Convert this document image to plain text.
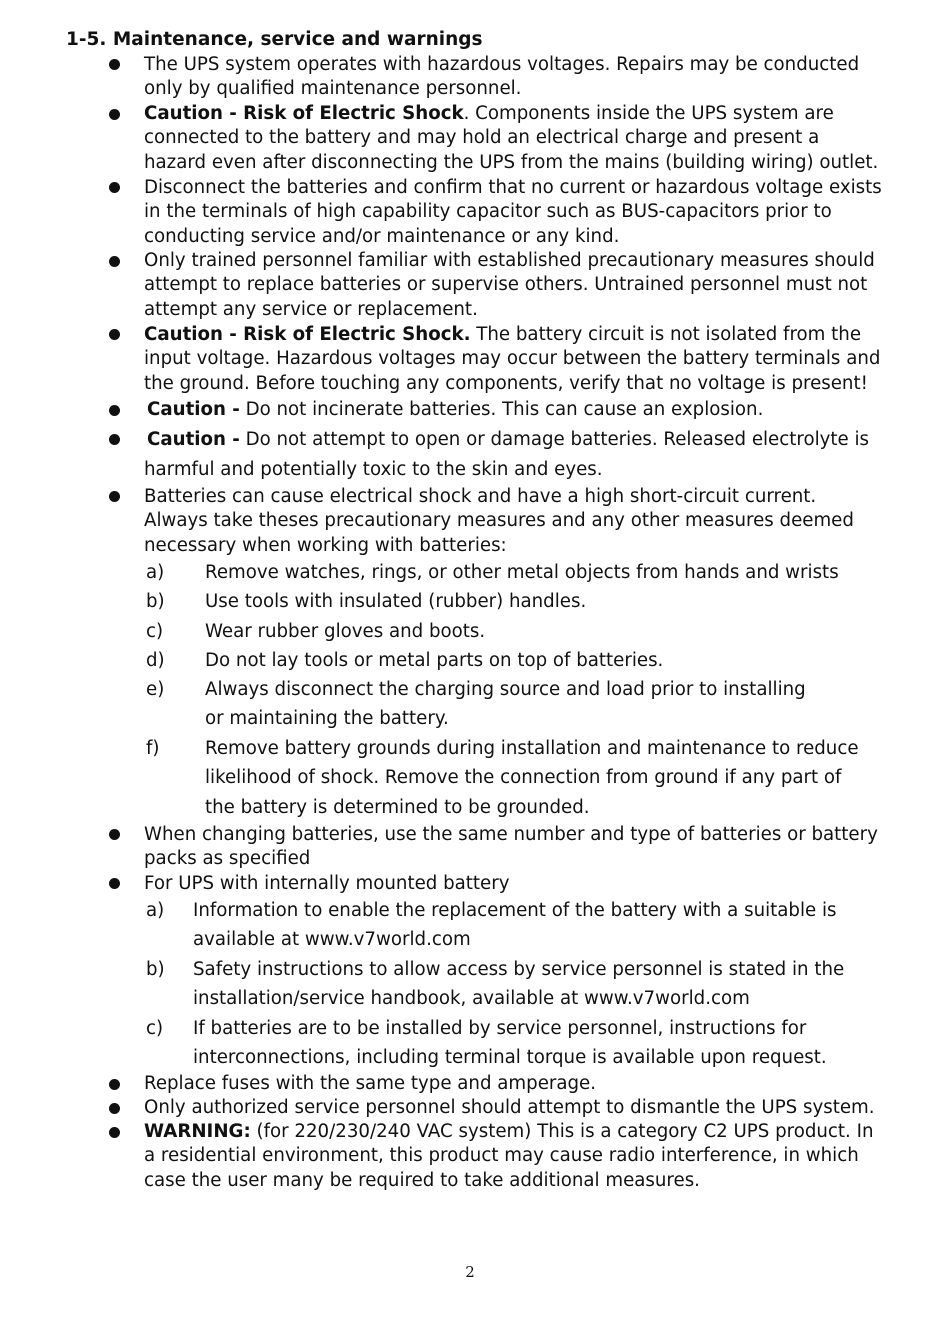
1-5. Maintenance, service and warnings
The UPS system operates with hazardous voltages. Repairs may be conducted only by qualified maintenance personnel.
Caution - Risk of Electric Shock. Components inside the UPS system are connected to the battery and may hold an electrical charge and present a hazard even after disconnecting the UPS from the mains (building wiring) outlet.
Disconnect the batteries and confirm that no current or hazardous voltage exists in the terminals of high capability capacitor such as BUS-capacitors prior to conducting service and/or maintenance or any kind.
Only trained personnel familiar with established precautionary measures should attempt to replace batteries or supervise others. Untrained personnel must not attempt any service or replacement.
Caution - Risk of Electric Shock. The battery circuit is not isolated from the input voltage. Hazardous voltages may occur between the battery terminals and the ground. Before touching any components, verify that no voltage is present!
Caution - Do not incinerate batteries. This can cause an explosion.
Caution - Do not attempt to open or damage batteries. Released electrolyte is harmful and potentially toxic to the skin and eyes.
Batteries can cause electrical shock and have a high short-circuit current. Always take theses precautionary measures and any other measures deemed necessary when working with batteries:
a) Remove watches, rings, or other metal objects from hands and wrists
b) Use tools with insulated (rubber) handles.
c) Wear rubber gloves and boots.
d) Do not lay tools or metal parts on top of batteries.
e) Always disconnect the charging source and load prior to installing or maintaining the battery.
f)	Remove battery grounds during installation and maintenance to reduce likelihood of shock. Remove the connection from ground if any part of the battery is determined to be grounded.
When changing batteries, use the same number and type of batteries or battery packs as specified
For UPS with internally mounted battery
a) Information to enable the replacement of the battery with a suitable is available at www.v7world.com
b) Safety instructions to allow access by service personnel is stated in the installation/service handbook, available at www.v7world.com
c) If batteries are to be installed by service personnel, instructions for interconnections, including terminal torque is available upon request.
Replace fuses with the same type and amperage.
Only authorized service personnel should attempt to dismantle the UPS system.
WARNING: (for 220/230/240 VAC system) This is a category C2 UPS product. In a residential environment, this product may cause radio interference, in which case the user many be required to take additional measures.
2
